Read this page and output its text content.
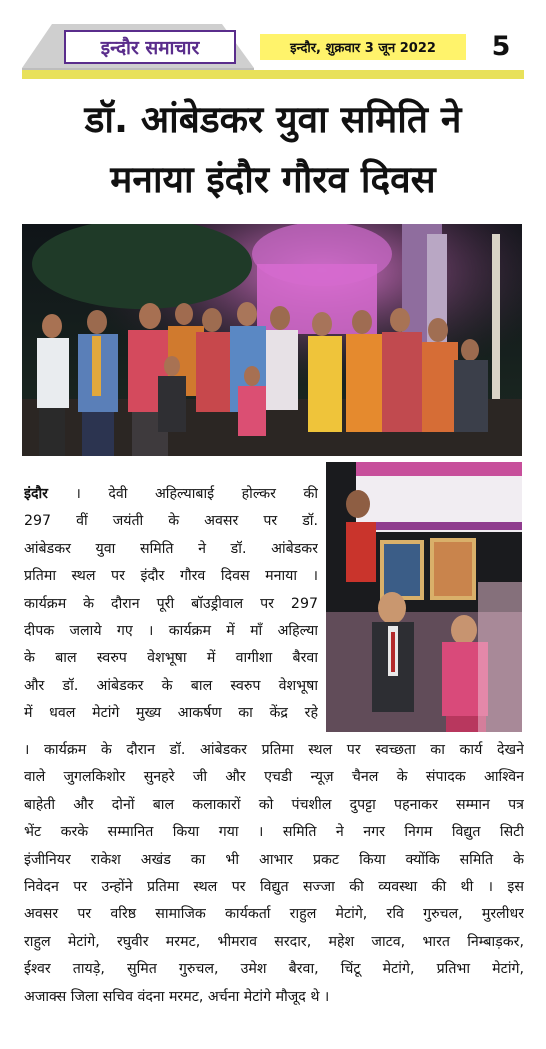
इन्दौर समाचार	इन्दौर, शुक्रवार 3 जून 2022	5
डॉ. आंबेडकर युवा समिति ने
मनाया इंदौर गौरव दिवस
इंदौर । देवी अहिल्याबाई होल्कर की
297 वीं जयंती के अवसर पर डॉ.
आंबेडकर युवा समिति ने डॉ. आंबेडकर
प्रतिमा स्थल पर इंदौर गौरव दिवस मनाया ।
कार्यक्रम के दौरान पूरी बॉउड्रीवाल पर 297
दीपक जलाये गए । कार्यक्रम में माँ अहिल्या
के बाल स्वरुप वेशभूषा में वागीशा बैरवा
और डॉ. आंबेडकर के बाल स्वरुप वेशभूषा
में धवल मेटांगे मुख्य आकर्षण का केंद्र रहे
। कार्यक्रम के दौरान डॉ. आंबेडकर प्रतिमा स्थल पर स्वच्छता का कार्य देखने
वाले जुगलकिशोर सुनहरे जी और एचडी न्यूज़ चैनल के संपादक आश्विन
बाहेती और दोनों बाल कलाकारों को पंचशील दुपट्टा पहनाकर सम्मान पत्र
भेंट करके सम्मानित किया गया । समिति ने नगर निगम विद्युत सिटी
इंजीनियर राकेश अखंड का भी आभार प्रकट किया क्योंकि समिति के
निवेदन पर उन्होंने प्रतिमा स्थल पर विद्युत सज्जा की व्यवस्था की थी । इस
अवसर पर वरिष्ठ सामाजिक कार्यकर्ता राहुल मेटांगे, रवि गुरुचल, मुरलीधर
राहुल मेटांगे, रघुवीर मरमट, भीमराव सरदार, महेश जाटव, भारत निम्बाड़कर,
ईश्वर तायड़े, सुमित गुरुचल, उमेश बैरवा, चिंटू मेटांगे, प्रतिभा मेटांगे,
अजाक्स जिला सचिव वंदना मरमट, अर्चना मेटांगे मौजूद थे ।
